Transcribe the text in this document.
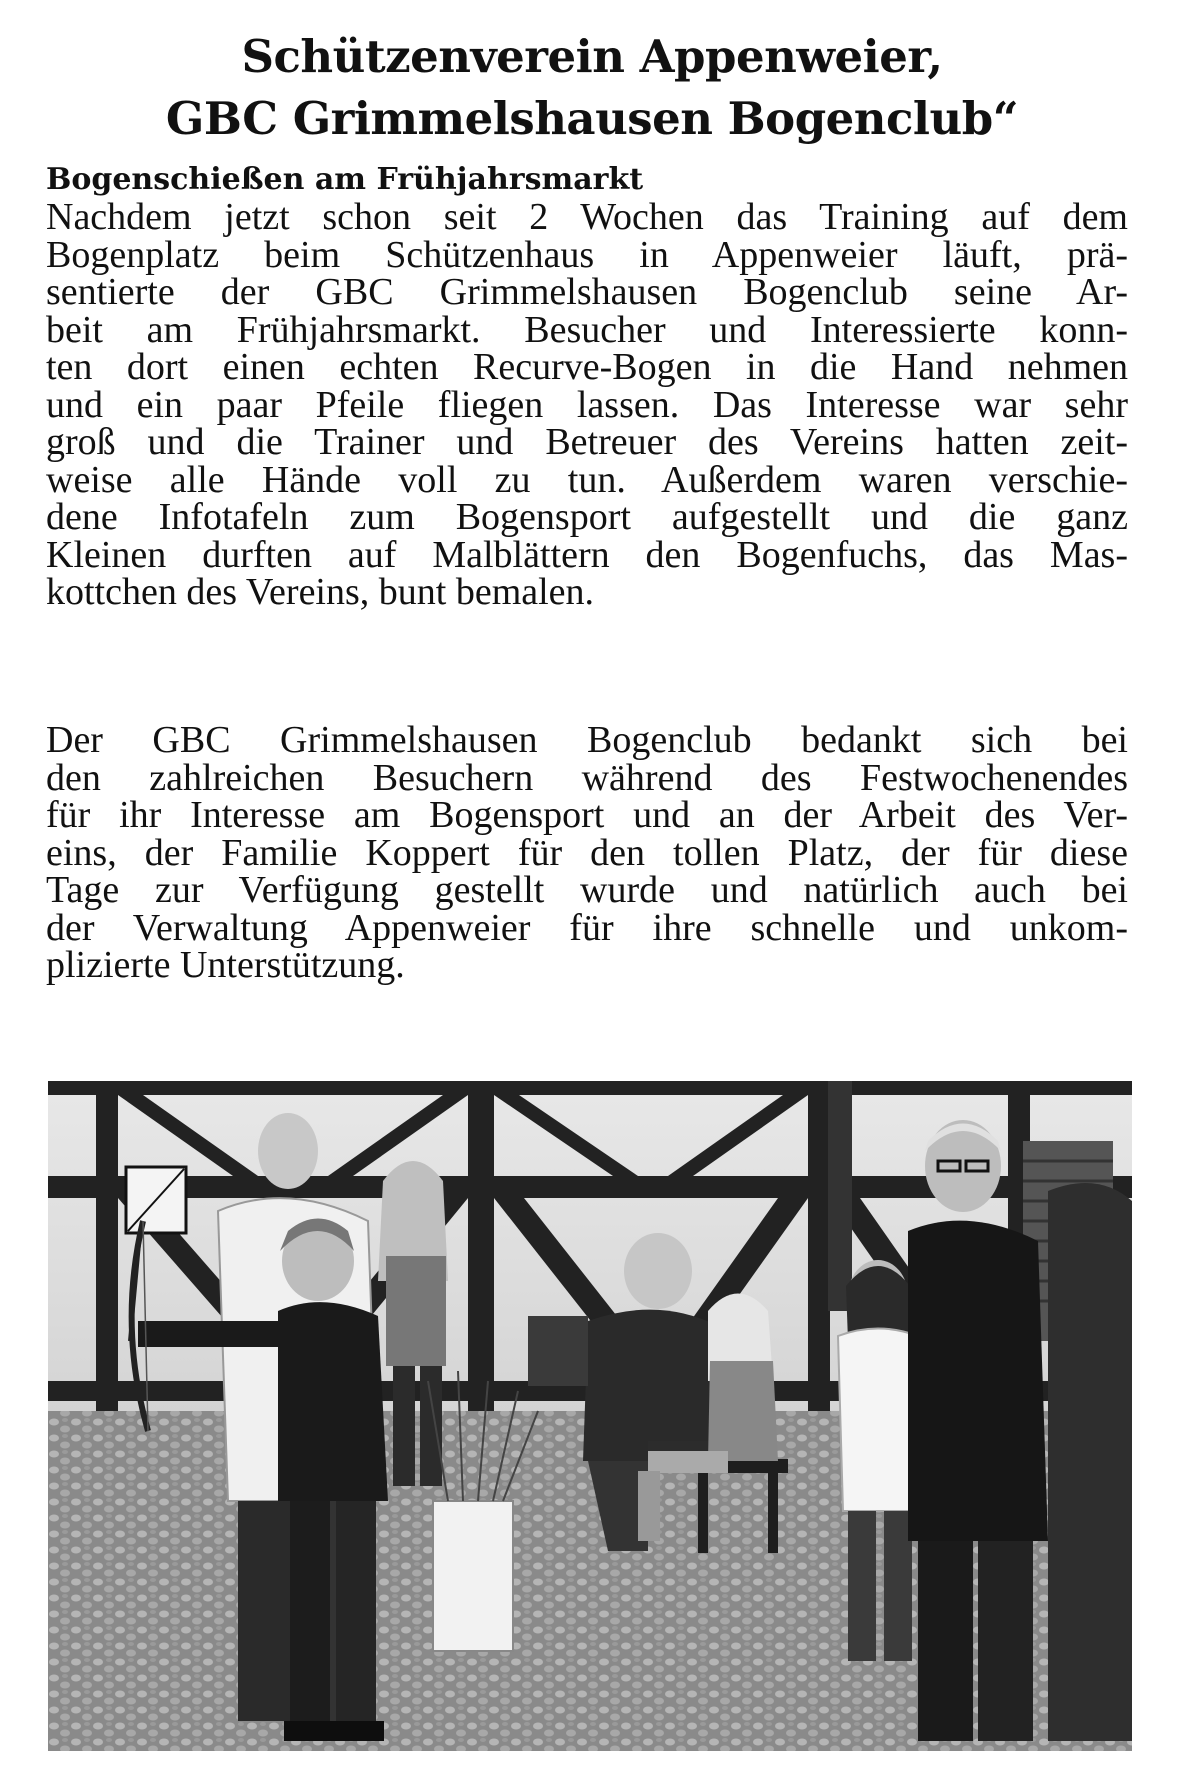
Schützenverein Appenweier,
GBC Grimmelshausen Bogenclub“
Bogenschießen am Frühjahrsmarkt

Nachdem jetzt schon seit 2 Wochen das Training auf dem
Bogenplatz beim Schützenhaus in Appenweier läuft, prä-
sentierte der GBC Grimmelshausen Bogenclub seine Ar-
beit am Frühjahrsmarkt. Besucher und Interessierte konn-
ten dort einen echten Recurve-Bogen in die Hand nehmen
und ein paar Pfeile fliegen lassen. Das Interesse war sehr
groß und die Trainer und Betreuer des Vereins hatten zeit-
weise alle Hände voll zu tun. Außerdem waren verschie-
dene Infotafeln zum Bogensport aufgestellt und die ganz
Kleinen durften auf Malblättern den Bogenfuchs, das Mas-
kottchen des Vereins, bunt bemalen.

Der GBC Grimmelshausen Bogenclub bedankt sich bei
den zahlreichen Besuchern während des Festwochenendes
für ihr Interesse am Bogensport und an der Arbeit des Ver-
eins, der Familie Koppert für den tollen Platz, der für diese
Tage zur Verfügung gestellt wurde und natürlich auch bei
der Verwaltung Appenweier für ihre schnelle und unkom-
plizierte Unterstützung.
